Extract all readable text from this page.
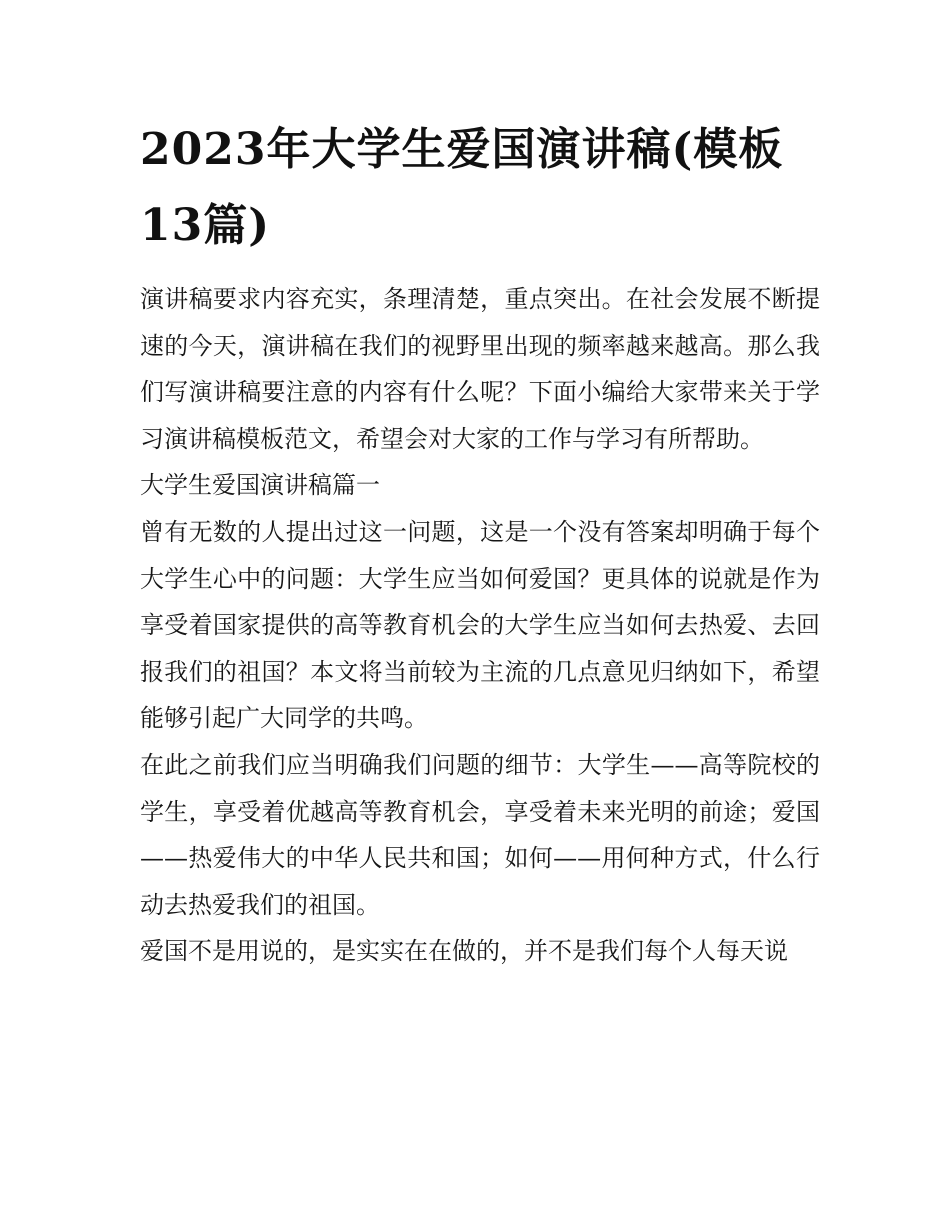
2023年大学生爱国演讲稿(模板13篇)

演讲稿要求内容充实，条理清楚，重点突出。在社会发展不断提速的今天，演讲稿在我们的视野里出现的频率越来越高。那么我们写演讲稿要注意的内容有什么呢？下面小编给大家带来关于学习演讲稿模板范文，希望会对大家的工作与学习有所帮助。

大学生爱国演讲稿篇一

曾有无数的人提出过这一问题，这是一个没有答案却明确于每个大学生心中的问题：大学生应当如何爱国？更具体的说就是作为享受着国家提供的高等教育机会的大学生应当如何去热爱、去回报我们的祖国？本文将当前较为主流的几点意见归纳如下，希望能够引起广大同学的共鸣。

在此之前我们应当明确我们问题的细节：大学生——高等院校的学生，享受着优越高等教育机会，享受着未来光明的前途；爱国——热爱伟大的中华人民共和国；如何——用何种方式，什么行动去热爱我们的祖国。

爱国不是用说的，是实实在在做的，并不是我们每个人每天说
